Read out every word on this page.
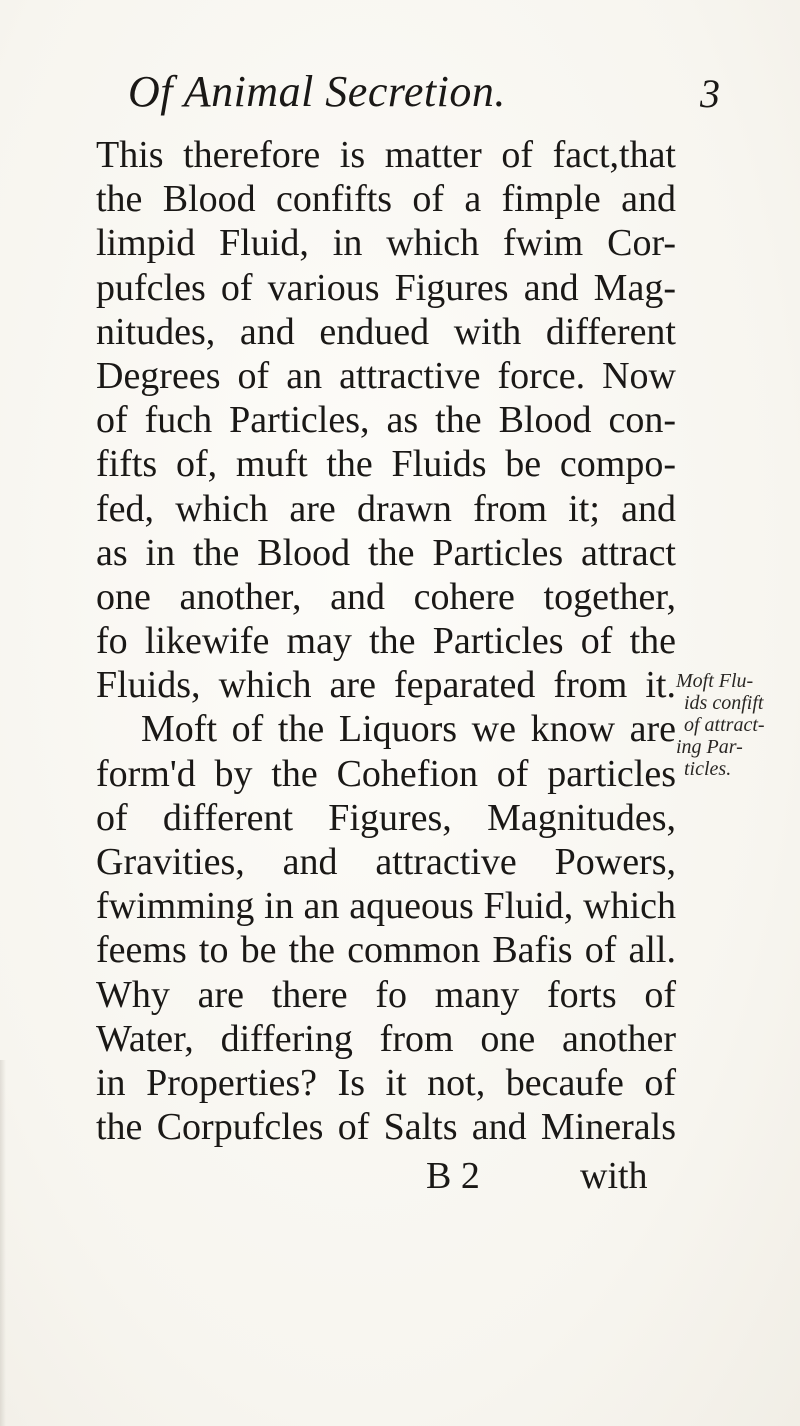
Of Animal Secretion.	3
This therefore is matter of fact,that
the Blood confifts of a fimple and
limpid Fluid, in which fwim Cor-
pufcles of various Figures and Mag-
nitudes, and endued with different
Degrees of an attractive force. Now
of fuch Particles, as the Blood con-
fifts of, muft the Fluids be compo-
fed, which are drawn from it; and
as in the Blood the Particles attract
one another, and cohere together,
fo likewife may the Particles of the
Fluids, which are feparated from it.
Moft of the Liquors we know are
form'd by the Cohefion of particles
of different Figures, Magnitudes,
Gravities, and attractive Powers,
fwimming in an aqueous Fluid, which
feems to be the common Bafis of all.
Why are there fo many forts of
Water, differing from one another
in Properties? Is it not, becaufe of
the Corpufcles of Salts and Minerals
Moft Flu-
ids confift
of attract-
ing Par-
ticles.
B 2	with
